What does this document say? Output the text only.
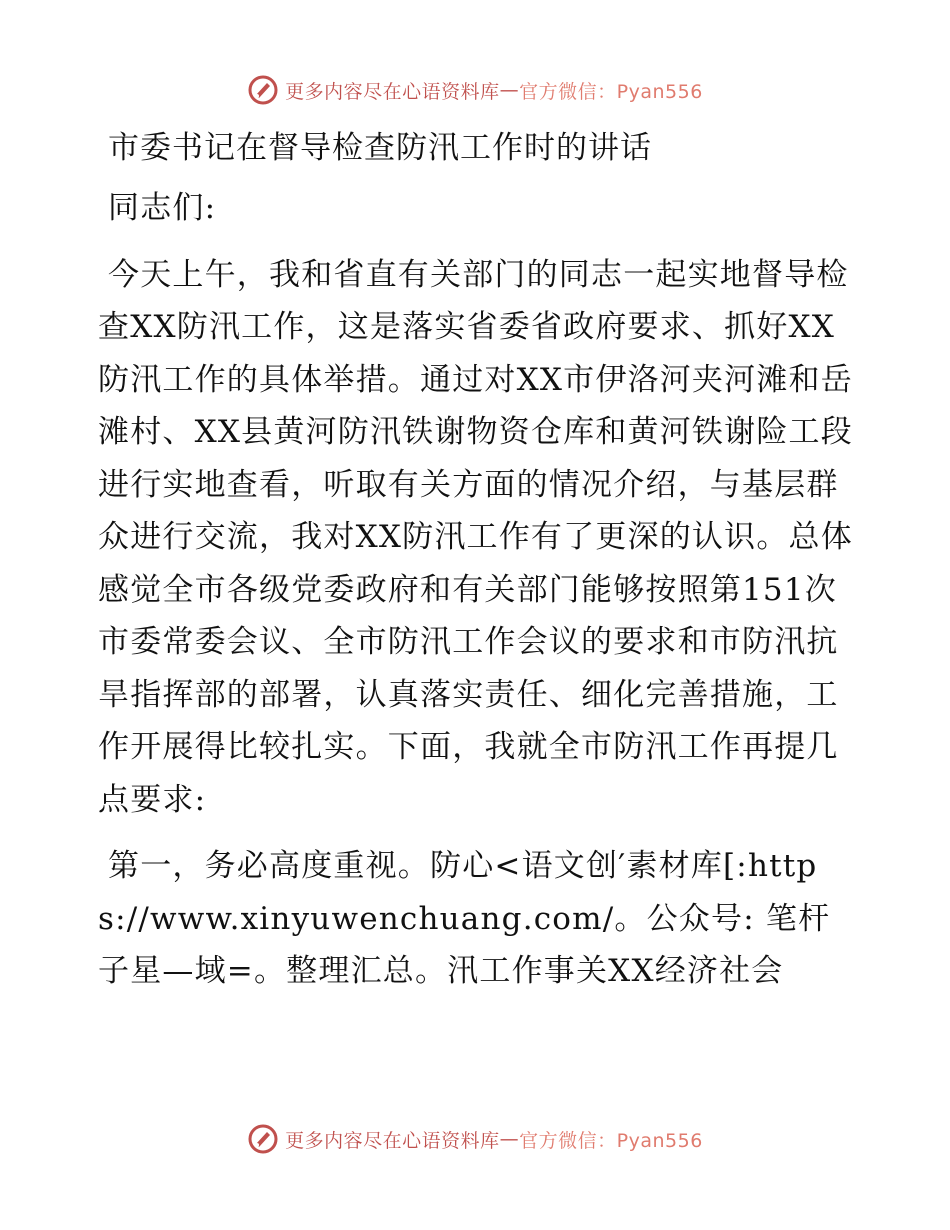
更多内容尽在心语资料库 — 官方微信：Pyan556
市委书记在督导检查防汛工作时的讲话

同志们:

今天上午，我和省直有关部门的同志一起实地督导检查XX防汛工作，这是落实省委省政府要求、抓好XX防汛工作的具体举措。通过对XX市伊洛河夹河滩和岳滩村、XX县黄河防汛铁谢物资仓库和黄河铁谢险工段进行实地查看，听取有关方面的情况介绍，与基层群众进行交流，我对XX防汛工作有了更深的认识。总体感觉全市各级党委政府和有关部门能够按照第151次市委常委会议、全市防汛工作会议的要求和市防汛抗旱指挥部的部署，认真落实责任、细化完善措施，工作开展得比较扎实。下面，我就全市防汛工作再提几点要求:

第一，务必高度重视。防心<语文创′素材库[:https://www.xinyuwenchuang.com/。公众号: 笔杆子星—域=。整理汇总。汛工作事关XX经济社会

更多内容尽在心语资料库 — 官方微信：Pyan556
